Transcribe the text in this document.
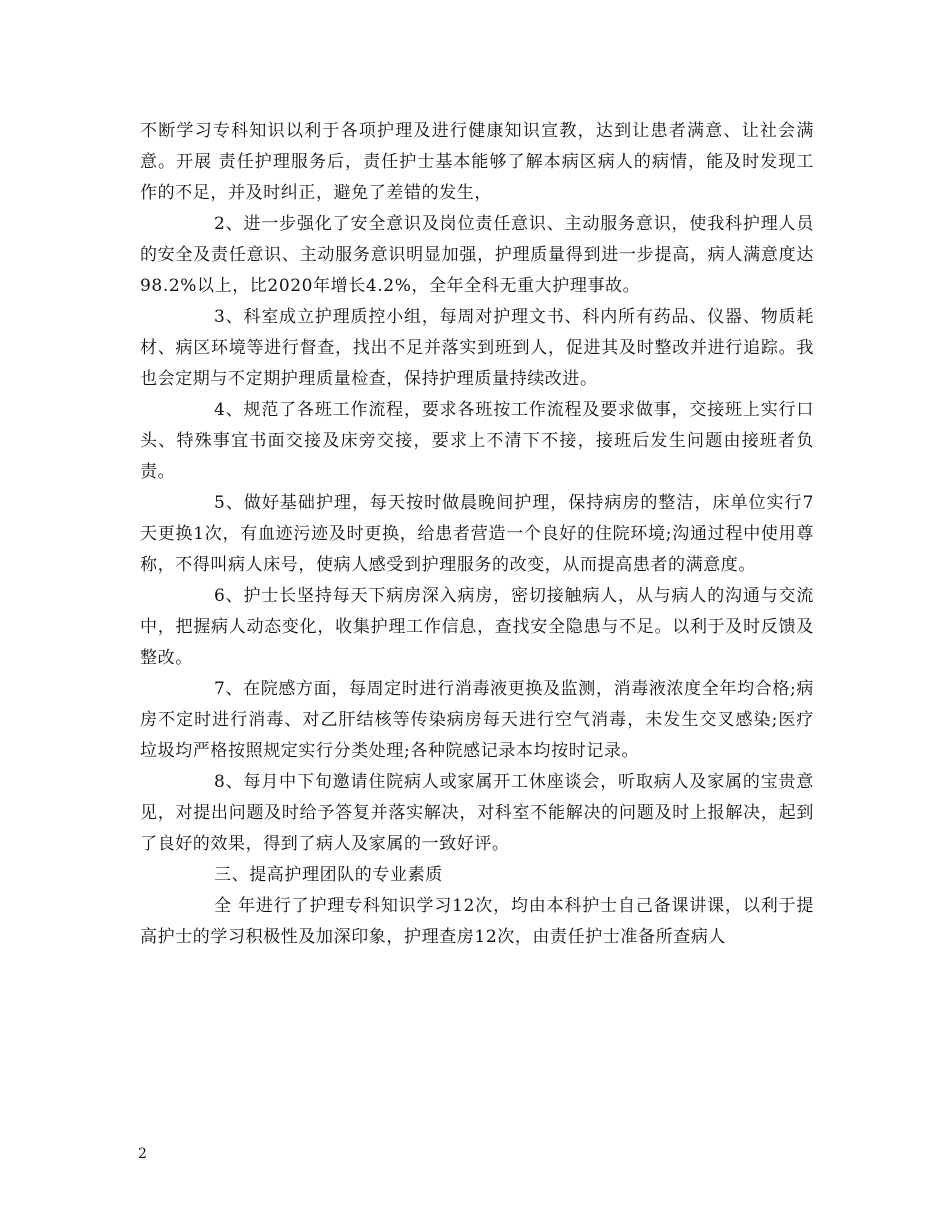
不断学习专科知识以利于各项护理及进行健康知识宣教，达到让患者满意、让社会满意。开展 责任护理服务后，责任护士基本能够了解本病区病人的病情，能及时发现工作的不足，并及时纠正，避免了差错的发生，

2、进一步强化了安全意识及岗位责任意识、主动服务意识，使我科护理人员的安全及责任意识、主动服务意识明显加强，护理质量得到进一步提高，病人满意度达 98.2%以上，比2020年增长4.2%，全年全科无重大护理事故。

3、科室成立护理质控小组，每周对护理文书、科内所有药品、仪器、物质耗材、病区环境等进行督查，找出不足并落实到班到人，促进其及时整改并进行追踪。我也会定期与不定期护理质量检查，保持护理质量持续改进。

4、规范了各班工作流程，要求各班按工作流程及要求做事，交接班上实行口头、特殊事宜书面交接及床旁交接，要求上不清下不接，接班后发生问题由接班者负责。

5、做好基础护理，每天按时做晨晚间护理，保持病房的整洁，床单位实行7天更换1次，有血迹污迹及时更换，给患者营造一个良好的住院环境;沟通过程中使用尊称，不得叫病人床号，使病人感受到护理服务的改变，从而提高患者的满意度。

6、护士长坚持每天下病房深入病房，密切接触病人，从与病人的沟通与交流中，把握病人动态变化，收集护理工作信息，查找安全隐患与不足。以利于及时反馈及整改。

7、在院感方面，每周定时进行消毒液更换及监测，消毒液浓度全年均合格;病房不定时进行消毒、对乙肝结核等传染病房每天进行空气消毒，未发生交叉感染;医疗垃圾均严格按照规定实行分类处理;各种院感记录本均按时记录。

8、每月中下旬邀请住院病人或家属开工休座谈会，听取病人及家属的宝贵意见，对提出问题及时给予答复并落实解决，对科室不能解决的问题及时上报解决，起到了良好的效果，得到了病人及家属的一致好评。

三、提高护理团队的专业素质

全 年进行了护理专科知识学习12次，均由本科护士自己备课讲课，以利于提高护士的学习积极性及加深印象，护理查房12次，由责任护士准备所查病人

2
